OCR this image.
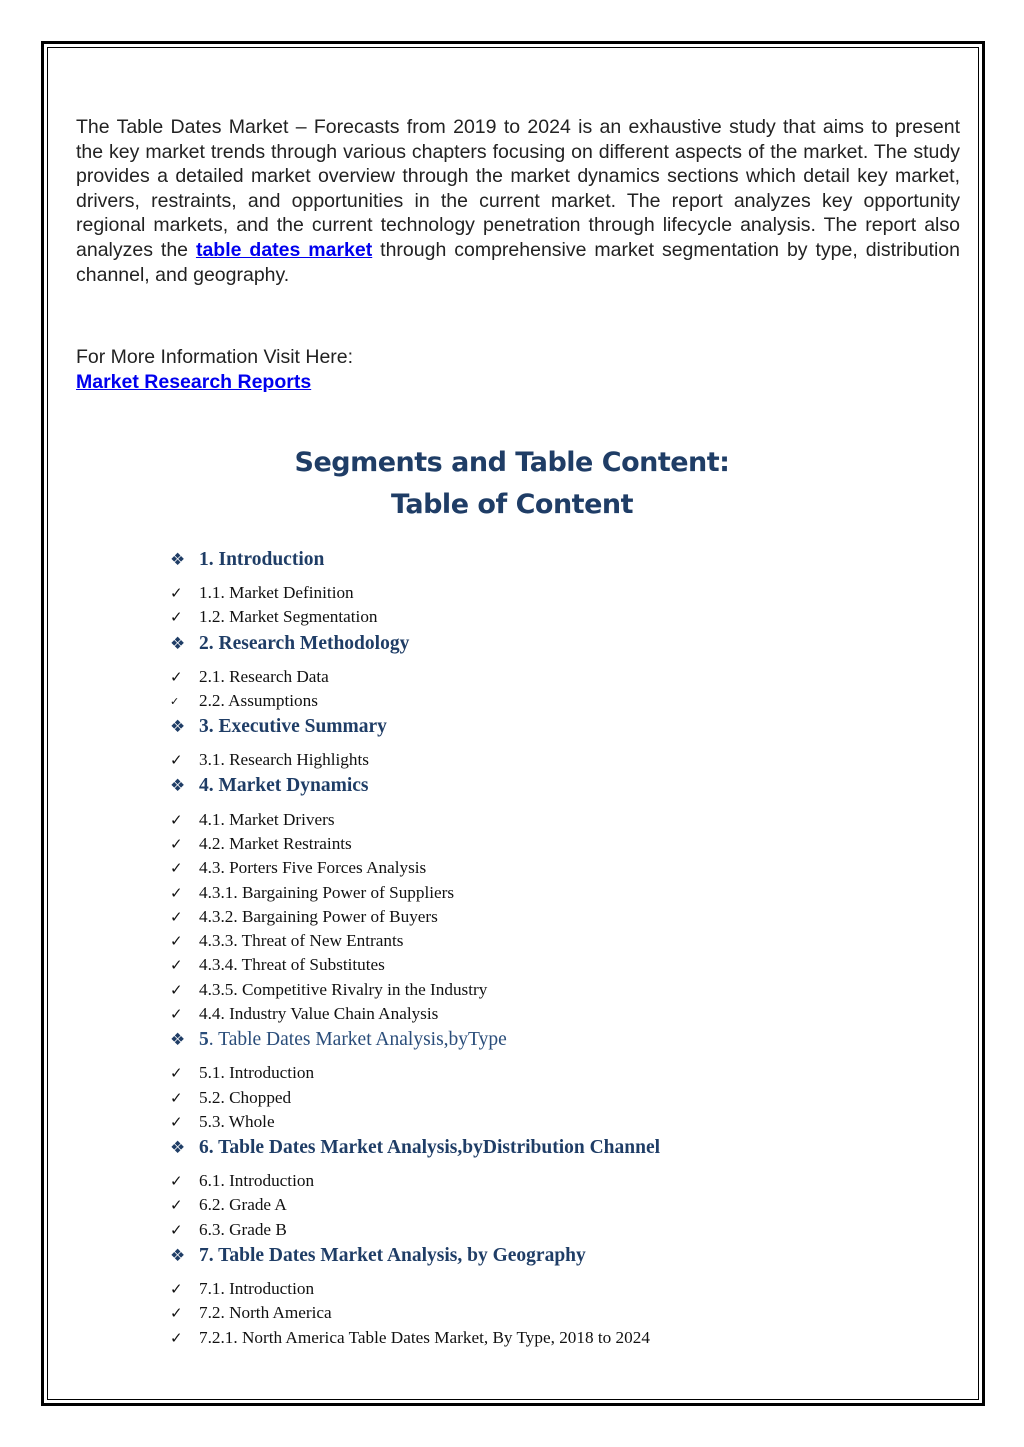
The Table Dates Market – Forecasts from 2019 to 2024 is an exhaustive study that aims to present the key market trends through various chapters focusing on different aspects of the market. The study provides a detailed market overview through the market dynamics sections which detail key market, drivers, restraints, and opportunities in the current market. The report analyzes key opportunity regional markets, and the current technology penetration through lifecycle analysis. The report also analyzes the table dates market through comprehensive market segmentation by type, distribution channel, and geography.

For More Information Visit Here:
Market Research Reports
Segments and Table Content:
Table of Content
❖ 1. Introduction
✓ 1.1. Market Definition
✓ 1.2. Market Segmentation
❖ 2. Research Methodology
✓ 2.1. Research Data
✓	2.2. Assumptions
❖ 3. Executive Summary
✓ 3.1. Research Highlights
❖ 4. Market Dynamics
✓ 4.1. Market Drivers
✓ 4.2. Market Restraints
✓ 4.3. Porters Five Forces Analysis
✓ 4.3.1. Bargaining Power of Suppliers
✓ 4.3.2. Bargaining Power of Buyers
✓ 4.3.3. Threat of New Entrants
✓ 4.3.4. Threat of Substitutes
✓ 4.3.5. Competitive Rivalry in the Industry
✓ 4.4. Industry Value Chain Analysis
❖ 5 . Table Dates Market Analysis,byType
✓ 5.1. Introduction
✓ 5.2. Chopped
✓ 5.3. Whole
❖ 6. Table Dates Market Analysis,byDistribution Channel
✓ 6.1. Introduction
✓ 6.2. Grade A
✓ 6.3. Grade B
❖ 7. Table Dates Market Analysis, by Geography
✓ 7.1. Introduction
✓ 7.2. North America
✓ 7.2.1. North America Table Dates Market, By Type, 2018 to 2024
